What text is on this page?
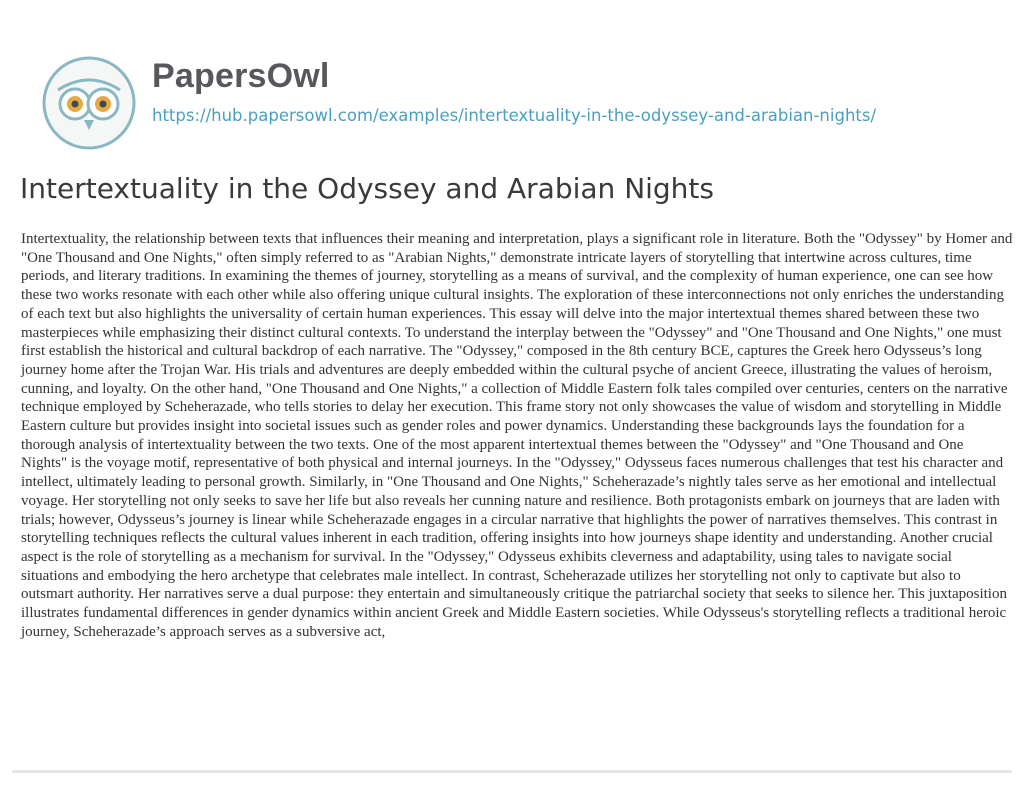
PapersOwl
https://hub.papersowl.com/examples/intertextuality-in-the-odyssey-and-arabian-nights/
Intertextuality in the Odyssey and Arabian Nights

Intertextuality, the relationship between texts that influences their meaning and interpretation, plays a significant role in literature. Both the "Odyssey" by Homer and "One Thousand and One Nights," often simply referred to as "Arabian Nights," demonstrate intricate layers of storytelling that intertwine across cultures, time periods, and literary traditions. In examining the themes of journey, storytelling as a means of survival, and the complexity of human experience, one can see how these two works resonate with each other while also offering unique cultural insights. The exploration of these interconnections not only enriches the understanding of each text but also highlights the universality of certain human experiences. This essay will delve into the major intertextual themes shared between these two masterpieces while emphasizing their distinct cultural contexts. To understand the interplay between the "Odyssey" and "One Thousand and One Nights," one must first establish the historical and cultural backdrop of each narrative. The "Odyssey," composed in the 8th century BCE, captures the Greek hero Odysseus’s long journey home after the Trojan War. His trials and adventures are deeply embedded within the cultural psyche of ancient Greece, illustrating the values of heroism, cunning, and loyalty. On the other hand, "One Thousand and One Nights," a collection of Middle Eastern folk tales compiled over centuries, centers on the narrative technique employed by Scheherazade, who tells stories to delay her execution. This frame story not only showcases the value of wisdom and storytelling in Middle Eastern culture but provides insight into societal issues such as gender roles and power dynamics. Understanding these backgrounds lays the foundation for a thorough analysis of intertextuality between the two texts. One of the most apparent intertextual themes between the "Odyssey" and "One Thousand and One Nights" is the voyage motif, representative of both physical and internal journeys. In the "Odyssey," Odysseus faces numerous challenges that test his character and intellect, ultimately leading to personal growth. Similarly, in "One Thousand and One Nights," Scheherazade’s nightly tales serve as her emotional and intellectual voyage. Her storytelling not only seeks to save her life but also reveals her cunning nature and resilience. Both protagonists embark on journeys that are laden with trials; however, Odysseus’s journey is linear while Scheherazade engages in a circular narrative that highlights the power of narratives themselves. This contrast in storytelling techniques reflects the cultural values inherent in each tradition, offering insights into how journeys shape identity and understanding. Another crucial aspect is the role of storytelling as a mechanism for survival. In the "Odyssey," Odysseus exhibits cleverness and adaptability, using tales to navigate social situations and embodying the hero archetype that celebrates male intellect. In contrast, Scheherazade utilizes her storytelling not only to captivate but also to outsmart authority. Her narratives serve a dual purpose: they entertain and simultaneously critique the patriarchal society that seeks to silence her. This juxtaposition illustrates fundamental differences in gender dynamics within ancient Greek and Middle Eastern societies. While Odysseus's storytelling reflects a traditional heroic journey, Scheherazade’s approach serves as a subversive act,
